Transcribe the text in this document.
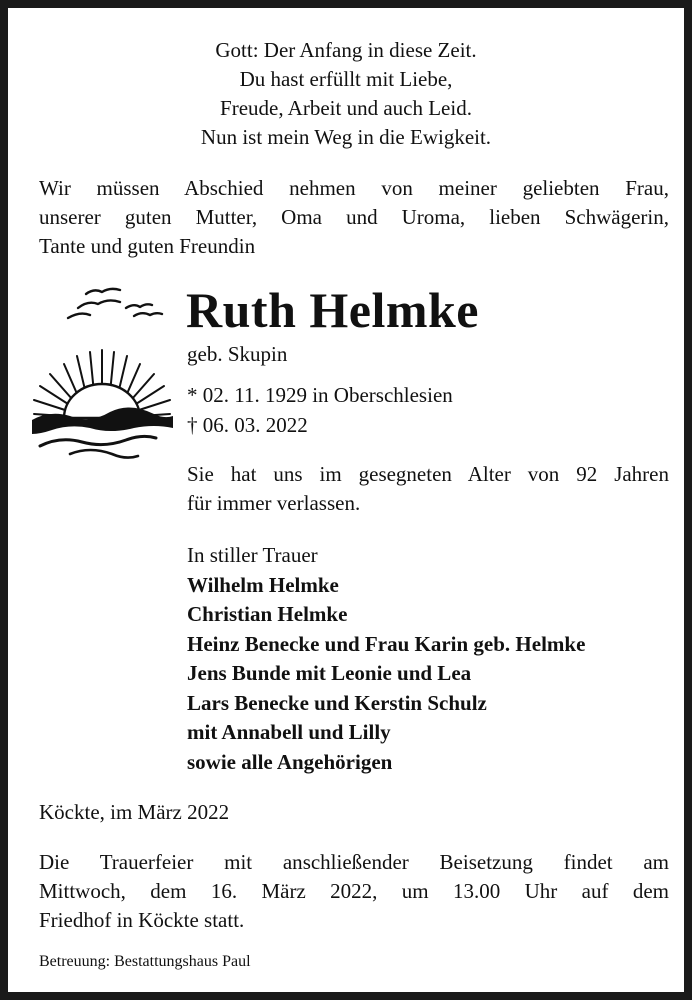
Gott: Der Anfang in diese Zeit.
Du hast erfüllt mit Liebe,
Freude, Arbeit und auch Leid.
Nun ist mein Weg in die Ewigkeit.
Wir müssen Abschied nehmen von meiner geliebten Frau,
unserer guten Mutter, Oma und Uroma, lieben Schwägerin,
Tante und guten Freundin
Ruth Helmke
geb. Skupin
* 02. 11. 1929 in Oberschlesien
† 06. 03. 2022
Sie hat uns im gesegneten Alter von 92 Jahren
für immer verlassen.
In stiller Trauer
Wilhelm Helmke
Christian Helmke
Heinz Benecke und Frau Karin geb. Helmke
Jens Bunde mit Leonie und Lea
Lars Benecke und Kerstin Schulz
mit Annabell und Lilly
sowie alle Angehörigen
Köckte, im März 2022
Die Trauerfeier mit anschließender Beisetzung findet am
Mittwoch, dem 16. März 2022, um 13.00 Uhr auf dem
Friedhof in Köckte statt.
Betreuung: Bestattungshaus Paul
